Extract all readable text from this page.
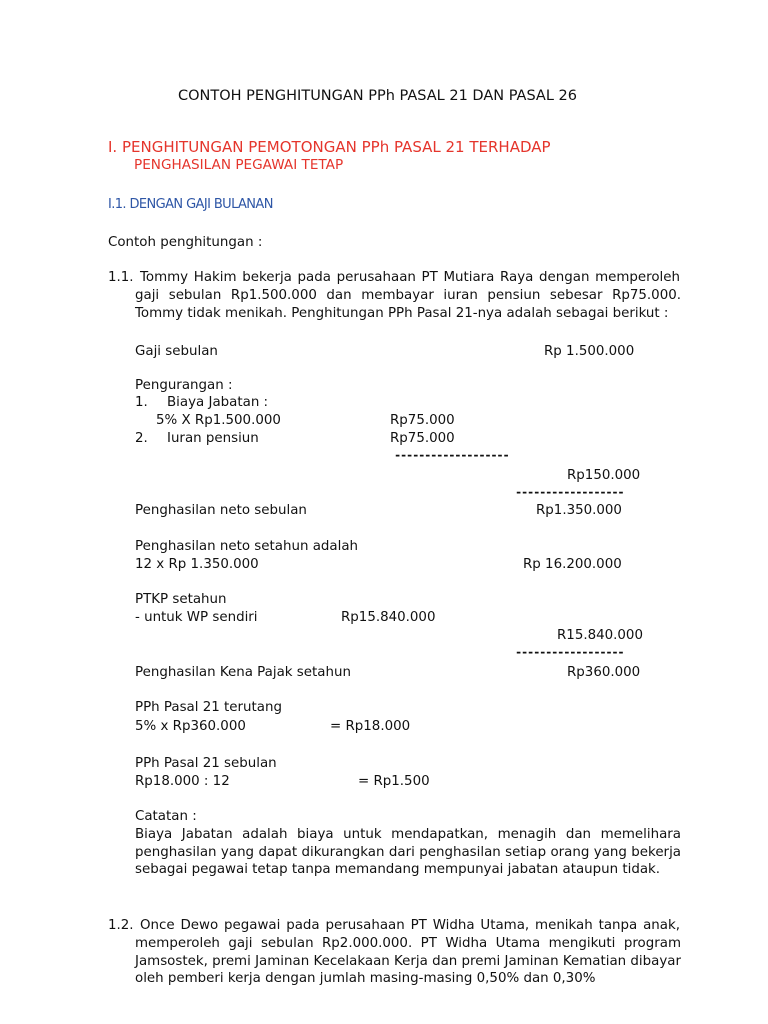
CONTOH PENGHITUNGAN PPh PASAL 21 DAN PASAL 26
I. PENGHITUNGAN PEMOTONGAN PPh PASAL 21 TERHADAP
PENGHASILAN PEGAWAI TETAP
I.1. DENGAN GAJI BULANAN
Contoh penghitungan :
1.1. Tommy Hakim bekerja pada perusahaan PT Mutiara Raya dengan memperoleh
gaji sebulan Rp1.500.000 dan membayar iuran pensiun sebesar Rp75.000. Tommy tidak menikah. Penghitungan PPh Pasal 21-nya adalah sebagai berikut :
Gaji sebulan	Rp 1.500.000
Pengurangan :
1. Biaya Jabatan :
5% X Rp1.500.000	Rp75.000
2. Iuran pensiun	Rp75.000
-------------------
Rp150.000
------------------
Penghasilan neto sebulan	Rp1.350.000
Penghasilan neto setahun adalah
12 x Rp 1.350.000	Rp 16.200.000
PTKP setahun
- untuk WP sendiri	Rp15.840.000
R15.840.000
------------------
Penghasilan Kena Pajak setahun	Rp360.000
PPh Pasal 21 terutang
5% x Rp360.000	= Rp18.000
PPh Pasal 21 sebulan
Rp18.000 : 12	= Rp1.500
Catatan :
Biaya Jabatan adalah biaya untuk mendapatkan, menagih dan memelihara penghasilan yang dapat dikurangkan dari penghasilan setiap orang yang bekerja sebagai pegawai tetap tanpa memandang mempunyai jabatan ataupun tidak.
1.2. Once Dewo pegawai pada perusahaan PT Widha Utama, menikah tanpa anak,
memperoleh gaji sebulan Rp2.000.000. PT Widha Utama mengikuti program Jamsostek, premi Jaminan Kecelakaan Kerja dan premi Jaminan Kematian dibayar oleh pemberi kerja dengan jumlah masing-masing 0,50% dan 0,30%
